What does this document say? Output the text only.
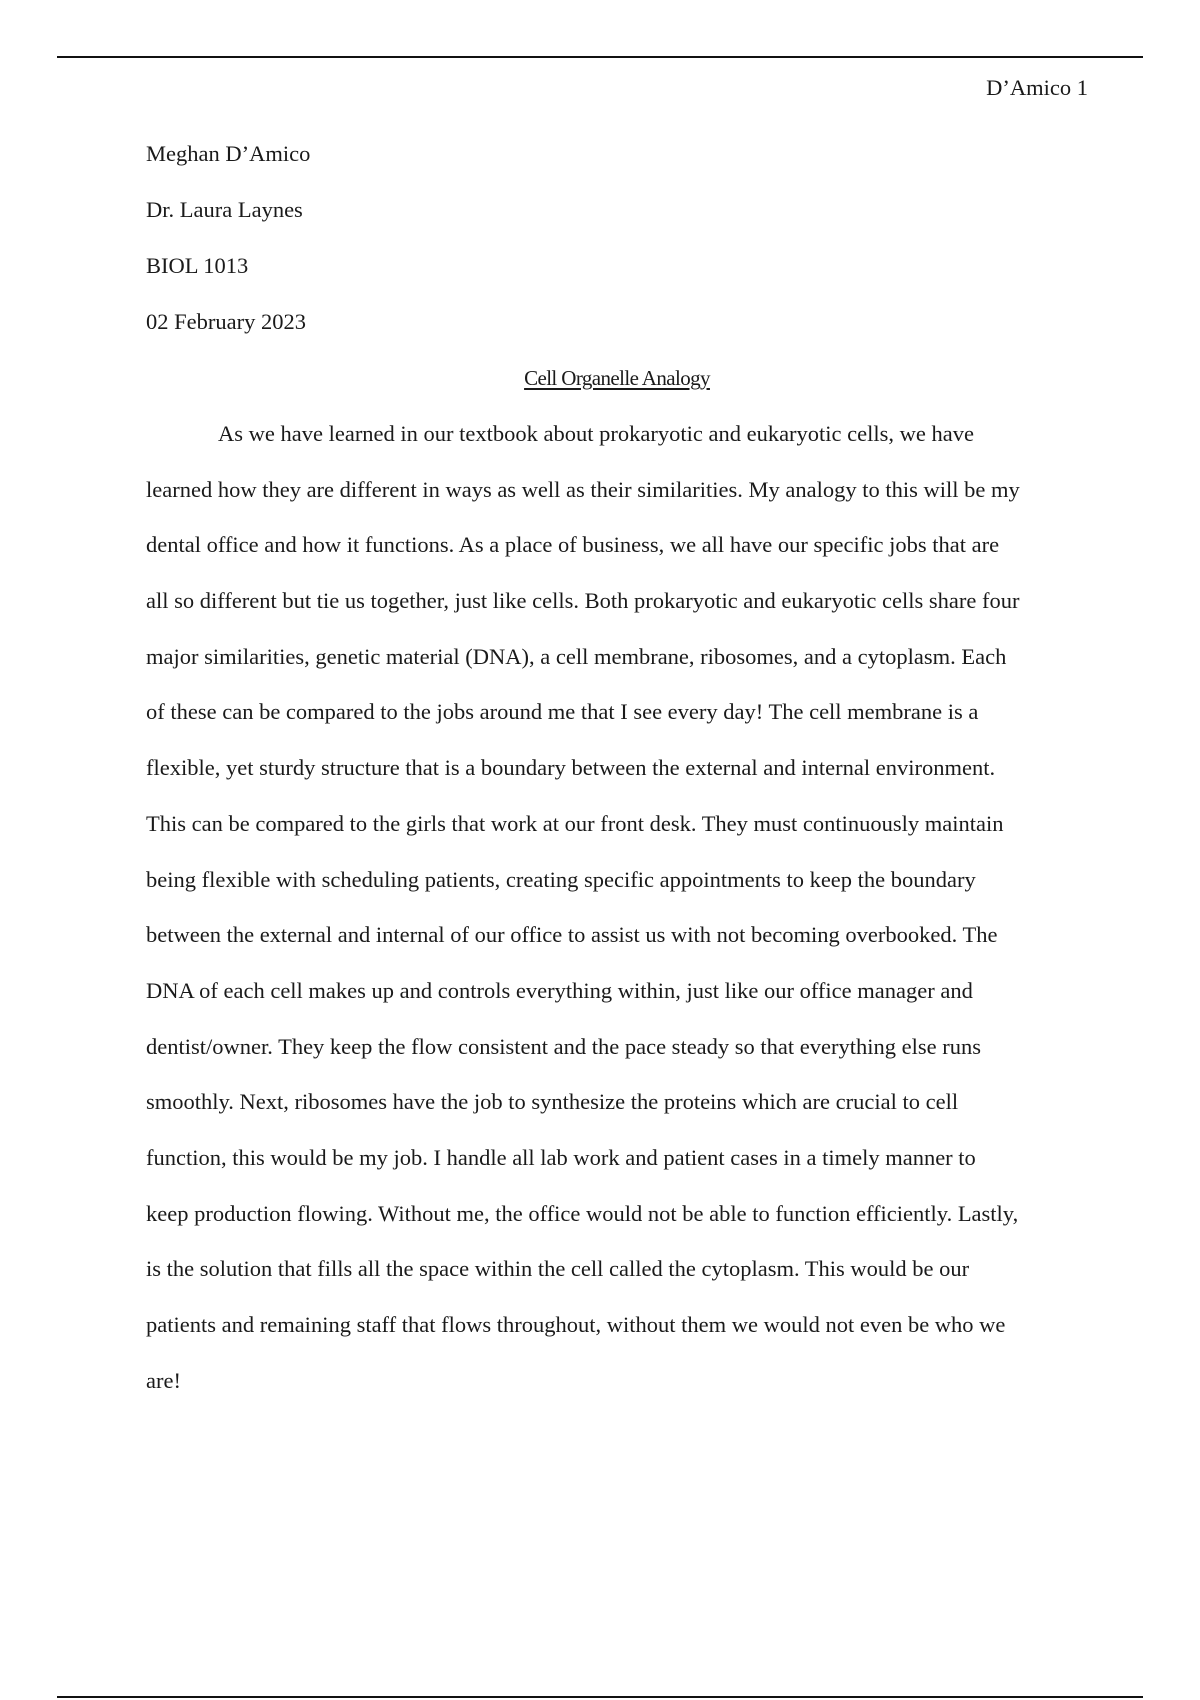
D’Amico 1
Meghan D’Amico
Dr. Laura Laynes
BIOL 1013
02 February 2023
Cell Organelle Analogy
As we have learned in our textbook about prokaryotic and eukaryotic cells, we have
learned how they are different in ways as well as their similarities. My analogy to this will be my
dental office and how it functions. As a place of business, we all have our specific jobs that are
all so different but tie us together, just like cells. Both prokaryotic and eukaryotic cells share four
major similarities, genetic material (DNA), a cell membrane, ribosomes, and a cytoplasm. Each
of these can be compared to the jobs around me that I see every day! The cell membrane is a
flexible, yet sturdy structure that is a boundary between the external and internal environment.
This can be compared to the girls that work at our front desk. They must continuously maintain
being flexible with scheduling patients, creating specific appointments to keep the boundary
between the external and internal of our office to assist us with not becoming overbooked. The
DNA of each cell makes up and controls everything within, just like our office manager and
dentist/owner. They keep the flow consistent and the pace steady so that everything else runs
smoothly. Next, ribosomes have the job to synthesize the proteins which are crucial to cell
function, this would be my job. I handle all lab work and patient cases in a timely manner to
keep production flowing. Without me, the office would not be able to function efficiently. Lastly,
is the solution that fills all the space within the cell called the cytoplasm. This would be our
patients and remaining staff that flows throughout, without them we would not even be who we
are!
